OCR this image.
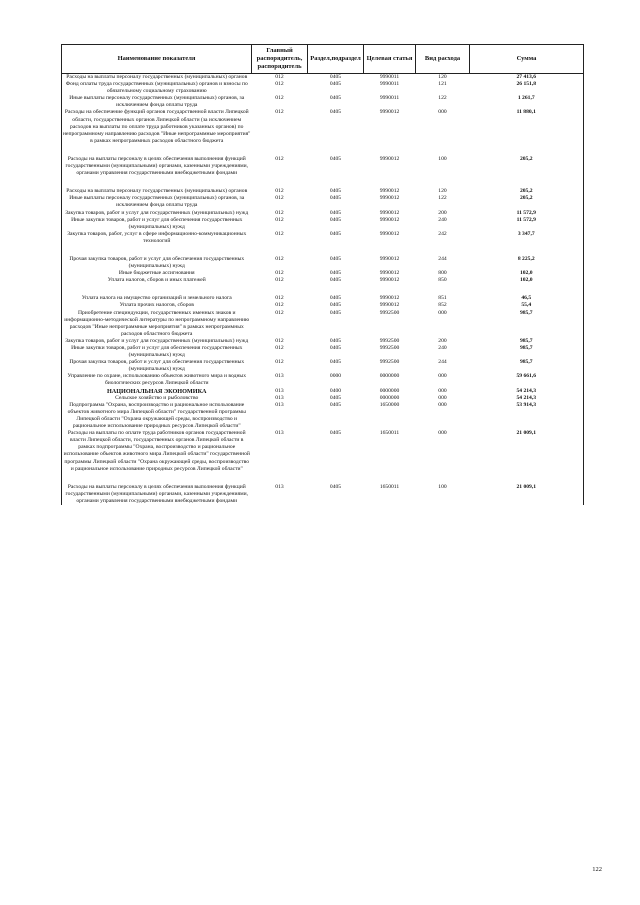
Наименование показателя	Главный распорядитель, распорядитель	Раздел,подраздел	Целевая статья	Вид расхода	Сумма
Расходы на выплаты персоналу государственных (муниципальных) органов	012	0405	9990011	120	27 413,6
Фонд оплаты труда государственных (муниципальных) органов и взносы по обязательному социальному страхованию	012	0405	9990011	121	26 151,8
Иные выплаты персоналу государственных (муниципальных) органов, за исключением фонда оплаты труда	012	0405	9990011	122	1 261,7
Расходы на обеспечение функций органов государственной власти Липецкой области, государственных органов Липецкой области (за исключением расходов на выплаты по оплате труда работников указанных органов) по непрограммному направлению расходов "Иные непрограммные мероприятия" в рамках непрограммных расходов областного бюджета	012	0405	9990012	000	11 880,1

Расходы на выплаты персоналу в целях обеспечения выполнения функций государственными (муниципальными) органами, казенными учреждениями, органами управления государственными внебюджетными фондами	012	0405	9990012	100	205,2

Расходы на выплаты персоналу государственных (муниципальных) органов	012	0405	9990012	120	205,2
Иные выплаты персоналу государственных (муниципальных) органов, за исключением фонда оплаты труда	012	0405	9990012	122	205,2
Закупка товаров, работ и услуг для государственных (муниципальных) нужд	012	0405	9990012	200	11 572,9
Иные закупки товаров, работ и услуг для обеспечения государственных (муниципальных) нужд	012	0405	9990012	240	11 572,9
Закупка товаров, работ, услуг в сфере информационно-коммуникационных технологий	012	0405	9990012	242	3 347,7

Прочая закупка товаров, работ и услуг для обеспечения государственных (муниципальных) нужд	012	0405	9990012	244	8 225,2
Иные бюджетные ассигнования	012	0405	9990012	800	102,0
Уплата налогов, сборов и иных платежей	012	0405	9990012	850	102,0

Уплата налога на имущество организаций и земельного налога	012	0405	9990012	851	46,5
Уплата прочих налогов, сборов	012	0405	9990012	852	55,4
Приобретение специндукции, государственных именных знаков и информационно-методической литературы по непрограммному направлению расходов "Иные непрограммные мероприятия" в рамках непрограммных расходов областного бюджета	012	0405	9992500	000	985,7
Закупка товаров, работ и услуг для государственных (муниципальных) нужд	012	0405	9992500	200	985,7
Иные закупки товаров, работ и услуг для обеспечения государственных (муниципальных) нужд	012	0405	9992500	240	985,7
Прочая закупка товаров, работ и услуг для обеспечения государственных (муниципальных) нужд	012	0405	9992500	244	985,7
Управление по охране, использованию объектов животного мира и водных биологических ресурсов Липецкой области	013	0000	0000000	000	59 661,6
НАЦИОНАЛЬНАЯ ЭКОНОМИКА	013	0400	0000000	000	54 214,3
Сельское хозяйство и рыболовство	013	0405	0000000	000	54 214,3
Подпрограмма "Охрана, воспроизводство и рациональное использование объектов животного мира Липецкой области" государственной программы Липецкой области "Охрана окружающей среды, воспроизводство и рациональное использование природных ресурсов Липецкой области"	013	0405	1650000	000	53 914,3
Расходы на выплаты по оплате труда работников органов государственной власти Липецкой области, государственных органов Липецкой области в рамках подпрограммы "Охрана, воспроизводство и рациональное использование объектов животного мира Липецкой области" государственной программы Липецкой области "Охрана окружающей среды, воспроизводство и рациональное использование природных ресурсов Липецкой области"	013	0405	1650011	000	21 009,1

Расходы на выплаты персоналу в целях обеспечения выполнения функций государственными (муниципальными) органами, казенными учреждениями, органами управления государственными внебюджетными фондами	013	0405	1650011	100	21 009,1
122
